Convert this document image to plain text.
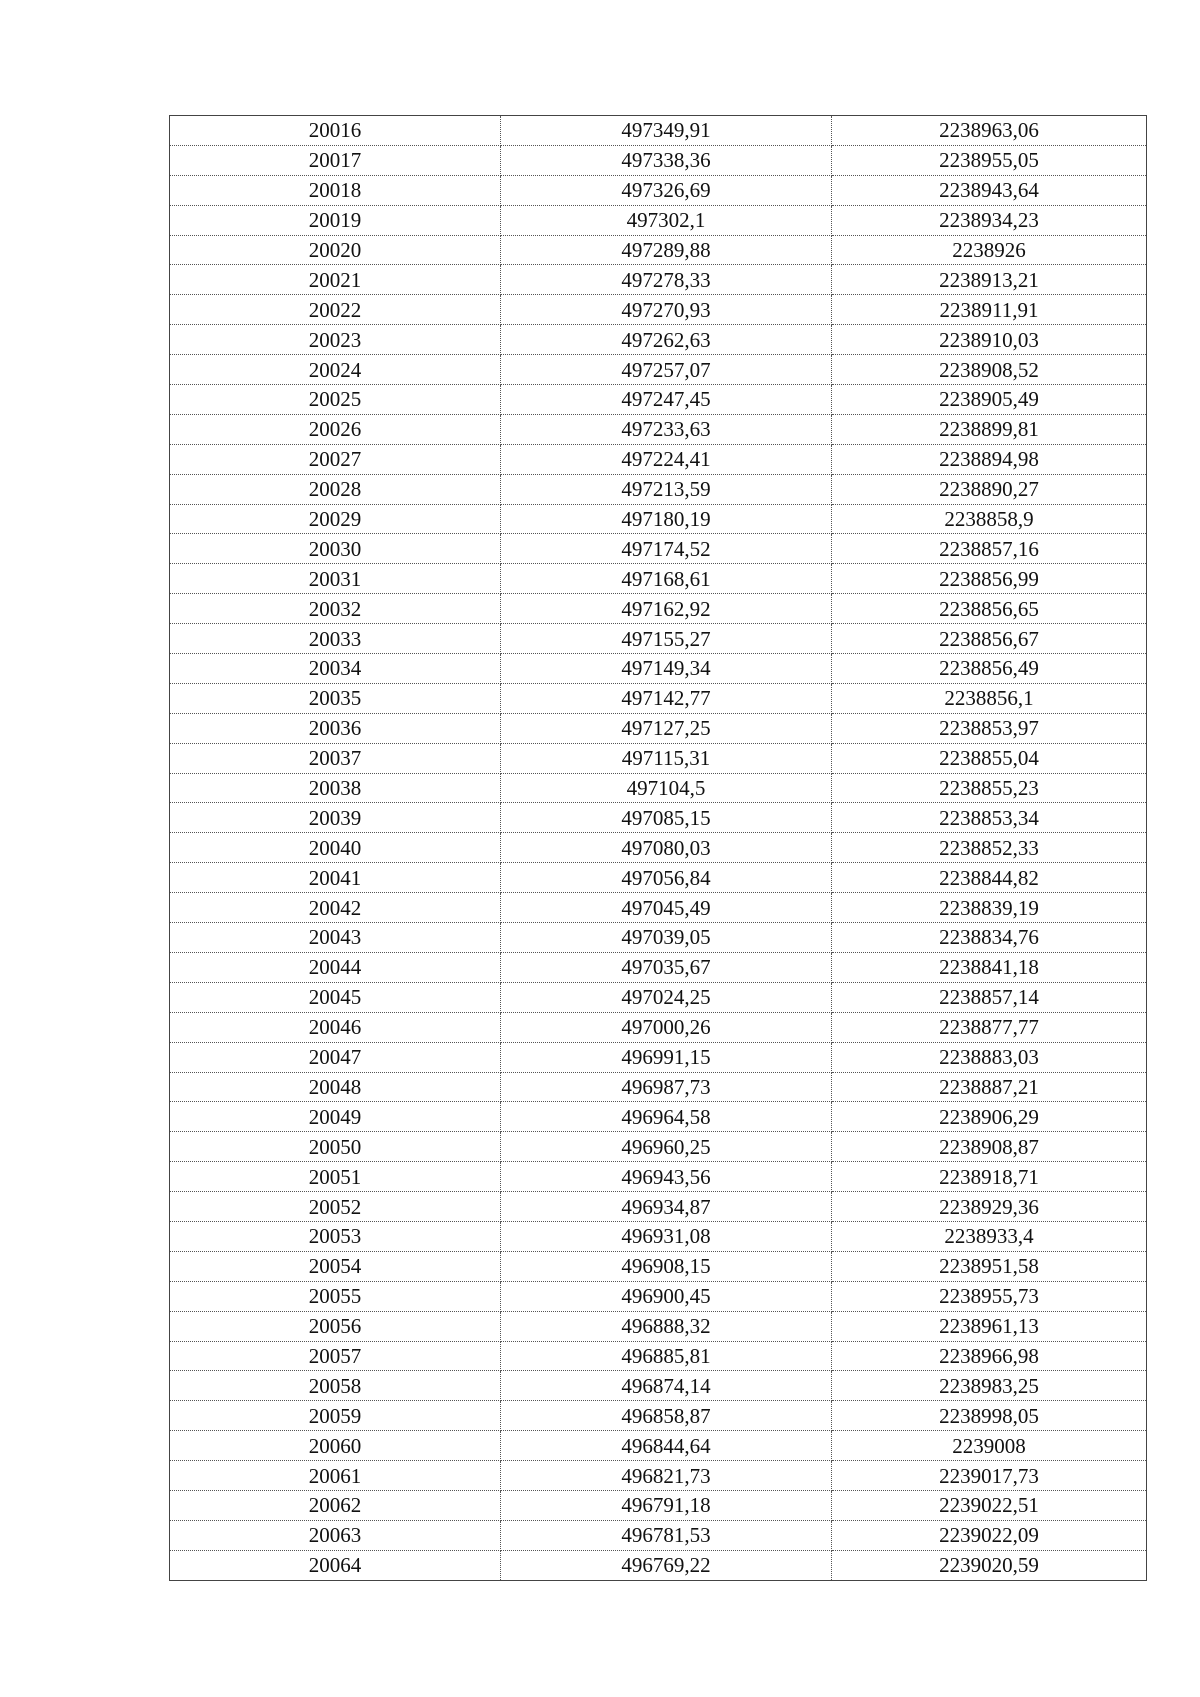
20016	497349,91	2238963,06
20017	497338,36	2238955,05
20018	497326,69	2238943,64
20019	497302,1	2238934,23
20020	497289,88	2238926
20021	497278,33	2238913,21
20022	497270,93	2238911,91
20023	497262,63	2238910,03
20024	497257,07	2238908,52
20025	497247,45	2238905,49
20026	497233,63	2238899,81
20027	497224,41	2238894,98
20028	497213,59	2238890,27
20029	497180,19	2238858,9
20030	497174,52	2238857,16
20031	497168,61	2238856,99
20032	497162,92	2238856,65
20033	497155,27	2238856,67
20034	497149,34	2238856,49
20035	497142,77	2238856,1
20036	497127,25	2238853,97
20037	497115,31	2238855,04
20038	497104,5	2238855,23
20039	497085,15	2238853,34
20040	497080,03	2238852,33
20041	497056,84	2238844,82
20042	497045,49	2238839,19
20043	497039,05	2238834,76
20044	497035,67	2238841,18
20045	497024,25	2238857,14
20046	497000,26	2238877,77
20047	496991,15	2238883,03
20048	496987,73	2238887,21
20049	496964,58	2238906,29
20050	496960,25	2238908,87
20051	496943,56	2238918,71
20052	496934,87	2238929,36
20053	496931,08	2238933,4
20054	496908,15	2238951,58
20055	496900,45	2238955,73
20056	496888,32	2238961,13
20057	496885,81	2238966,98
20058	496874,14	2238983,25
20059	496858,87	2238998,05
20060	496844,64	2239008
20061	496821,73	2239017,73
20062	496791,18	2239022,51
20063	496781,53	2239022,09
20064	496769,22	2239020,59
